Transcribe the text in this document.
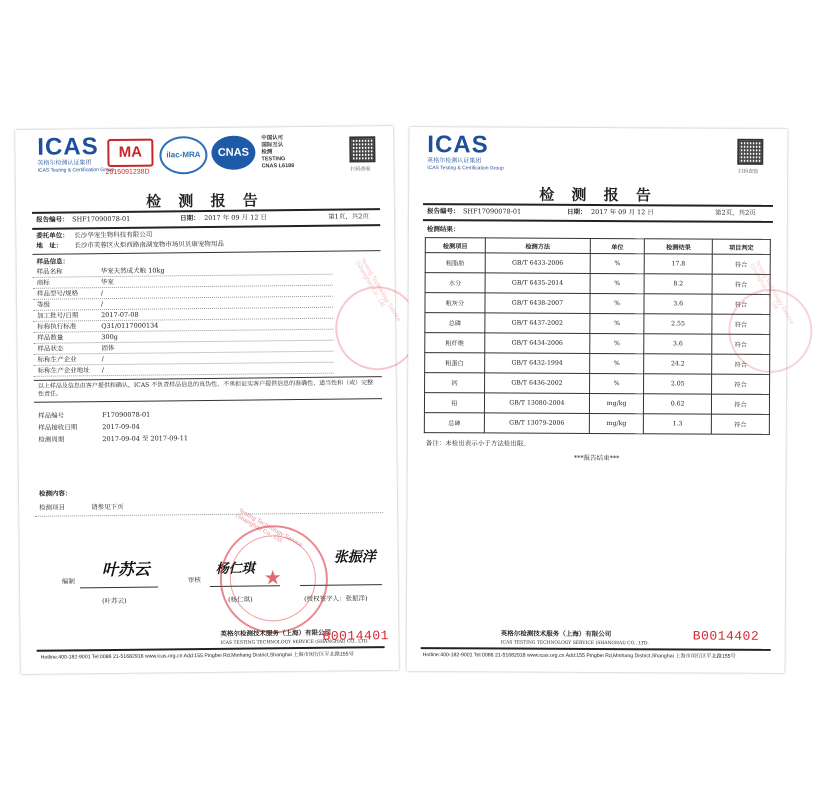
ICAS
英格尔检测认证集团
ICAS Testing & Certification Group
MA
2015091238D
ilac-MRA	CNAS
中国认可
国际互认
检测
TESTING
CNAS L6186	扫码查验
检 测 报 告
报告编号： SHF17090078-01	日期： 2017 年 09 月 12 日	第1页，共2页
委托单位： 长沙华宠生物科技有限公司
地　址： 长沙市芙蓉区火炬西路南湖宠物市场贝贝康宠物用品
样品信息：
以上样品及信息由客户提供和确认，ICAS 不负责样品信息的真伪性、不承担证实客户提供信息的准确性、适当性和（或）完整性责任。
检测内容：
检测项目	请参见下页
叶苏云
编制
(叶苏云)
审核
杨仁琪
(杨仁琪)
张振洋
(授权签字人：张振洋)
★
Testing Technology Service (Shanghai) Co., Ltd.
Testing Technology Service (Shanghai) Co., Ltd.
英格尔检测技术服务（上海）有限公司
ICAS TESTING TECHNOLOGY SERVICE (SHANGHAI) CO., LTD.
B0014401
Hotline:400-182-9001 Tel:0086 21-51682918 www.icas.org.cn Add:155 Pingbei Rd,Minhang District,Shanghai 上海市闵行区平北路155号
样品名称	华宠天然成犬粮 10kg
商标	华宠
样品型号/规格	/
等级	/
加工批号/日期	2017-07-08
标称执行标准	Q31/0117000134
样品数量	300g
样品状态	固体
标称生产企业	/
标称生产企业地址 /
样品编号	F17090078-01
样品接收日期	2017-09-04
检测周期	2017-09-04 至 2017-09-11
ICAS
英格尔检测认证集团
ICAS Testing & Certification Group
扫码查验
检 测 报 告
报告编号： SHF17090078-01	日期： 2017 年 09 月 12 日	第2页，共2页
检测结果：
检测项目	检测方法	单位	检测结果	项目判定
粗脂肪	GB/T 6433-2006	%	17.8	符合
水分	GB/T 6435-2014	%	8.2	符合
粗灰分	GB/T 6438-2007	%	3.6	符合
总磷	GB/T 6437-2002	%	2.55	符合
粗纤维	GB/T 6434-2006	%	3.6	符合
粗蛋白	GB/T 6432-1994	%	24.2	符合
钙	GB/T 6436-2002	%	2.05	符合
铅	GB/T 13080-2004	mg/kg	0.62	符合
总砷	GB/T 13079-2006	mg/kg	1.3	符合
备注：未检出表示小于方法检出限。
***报告结束***
Testing Technology Service (Shanghai) Co., Ltd.
英格尔检测技术服务（上海）有限公司
ICAS TESTING TECHNOLOGY SERVICE (SHANGHAI) CO., LTD.	B0014402
Hotline:400-182-9001 Tel:0086 21-51682918 www.icas.org.cn Add:155 Pingbei Rd,Minhang District,Shanghai 上海市闵行区平北路155号
